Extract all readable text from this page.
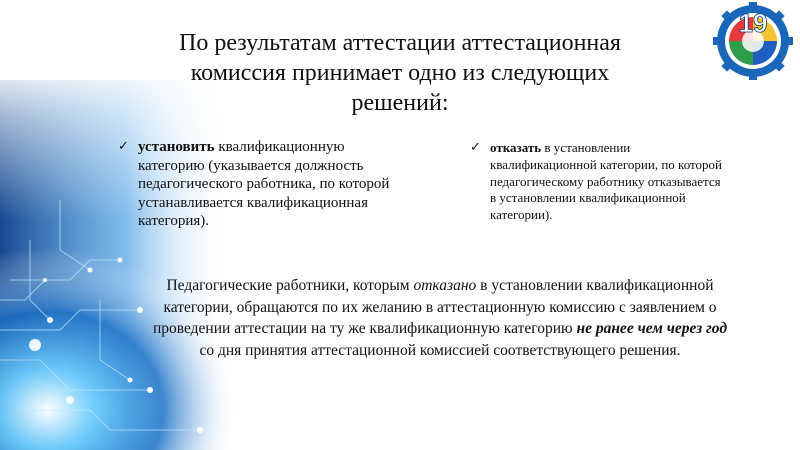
19
По результатам аттестации аттестационная комиссия принимает одно из следующих решений:
✓ установить квалификационную категорию (указывается должность педагогического работника, по которой устанавливается квалификационная категория).
✓ отказать в установлении квалификационной категории, по которой педагогическому работнику отказывается в установлении квалификационной категории).
Педагогические работники, которым отказано в установлении квалификационной категории, обращаются по их желанию в аттестационную комиссию с заявлением о проведении аттестации на ту же квалификационную категорию не ранее чем через год со дня принятия аттестационной комиссией соответствующего решения.
